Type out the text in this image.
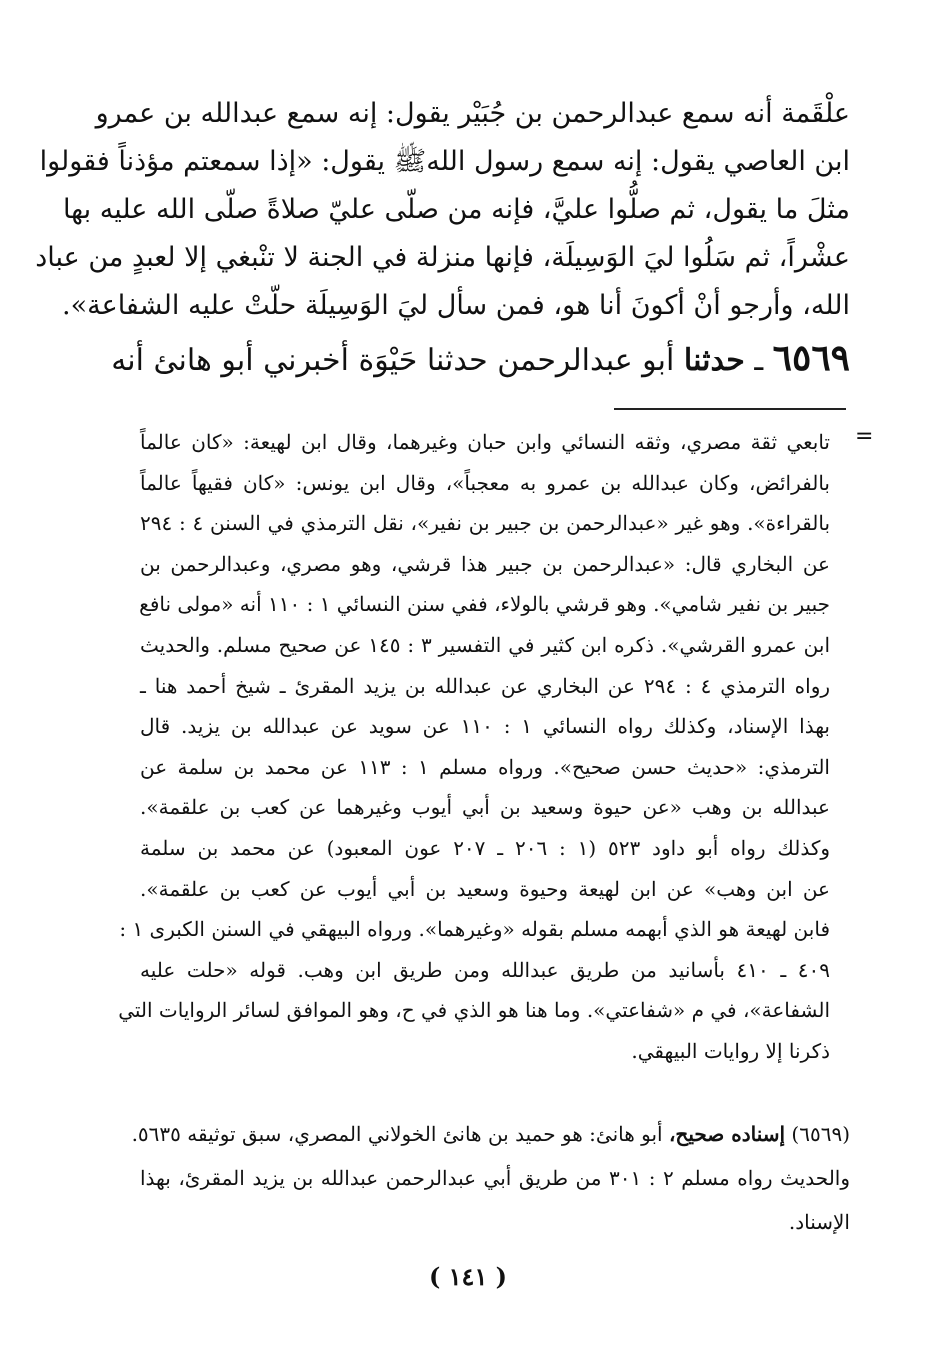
علْقَمة أنه سمع عبدالرحمن بن جُبَيْر يقول: إنه سمع عبدالله بن عمرو
ابن العاصي يقول: إنه سمع رسول اللهﷺ يقول: «إذا سمعتم مؤذناً فقولوا
مثلَ ما يقول، ثم صلُّوا عليَّ، فإنه من صلّى عليّ صلاةً صلّى الله عليه بها
عشْراً، ثم سَلُوا ليَ الوَسِيلَة، فإنها منزلة في الجنة لا تنْبغي إلا لعبدٍ من عباد
الله، وأرجو أنْ أكونَ أنا هو، فمن سأل ليَ الوَسِيلَة حلّتْ عليه الشفاعة».
٦٥٦٩ ـ حدثنا أبو عبدالرحمن حدثنا حَيْوَة أخبرني أبو هانئ أنه
=
تابعي ثقة مصري، وثقه النسائي وابن حبان وغيرهما، وقال ابن لهيعة: «كان عالماً
بالفرائض، وكان عبدالله بن عمرو به معجباً»، وقال ابن يونس: «كان فقيهاً عالماً
بالقراءة». وهو غير «عبدالرحمن بن جبير بن نفير»، نقل الترمذي في السنن ٤ : ٢٩٤
عن البخاري قال: «عبدالرحمن بن جبير هذا قرشي، وهو مصري، وعبدالرحمن بن
جبير بن نفير شامي». وهو قرشي بالولاء، ففي سنن النسائي ١ : ١١٠ أنه «مولى نافع
ابن عمرو القرشي». ذكره ابن كثير في التفسير ٣ : ١٤٥ عن صحيح مسلم. والحديث
رواه الترمذي ٤ : ٢٩٤ عن البخاري عن عبدالله بن يزيد المقرئ ـ شيخ أحمد هنا ـ
بهذا الإسناد، وكذلك رواه النسائي ١ : ١١٠ عن سويد عن عبدالله بن يزيد. قال
الترمذي: «حديث حسن صحيح». ورواه مسلم ١ : ١١٣ عن محمد بن سلمة عن
عبدالله بن وهب «عن حيوة وسعيد بن أبي أيوب وغيرهما عن كعب بن علقمة».
وكذلك رواه أبو داود ٥٢٣ (١ : ٢٠٦ ـ ٢٠٧ عون المعبود) عن محمد بن سلمة
عن ابن وهب» عن ابن لهيعة وحيوة وسعيد بن أبي أيوب عن كعب بن علقمة».
فابن لهيعة هو الذي أبهمه مسلم بقوله «وغيرهما». ورواه البيهقي في السنن الكبرى ١ :
٤٠٩ ـ ٤١٠ بأسانيد من طريق عبدالله ومن طريق ابن وهب. قوله «حلت عليه
الشفاعة»، في م «شفاعتي». وما هنا هو الذي في ح، وهو الموافق لسائر الروايات التي
ذكرنا إلا روايات البيهقي.
(٦٥٦٩) إسناده صحيح، أبو هانئ: هو حميد بن هانئ الخولاني المصري، سبق توثيقه ٥٦٣٥.
والحديث رواه مسلم ٢ : ٣٠١ من طريق أبي عبدالرحمن عبدالله بن يزيد المقرئ، بهذا
الإسناد.
( ١٤١ )
